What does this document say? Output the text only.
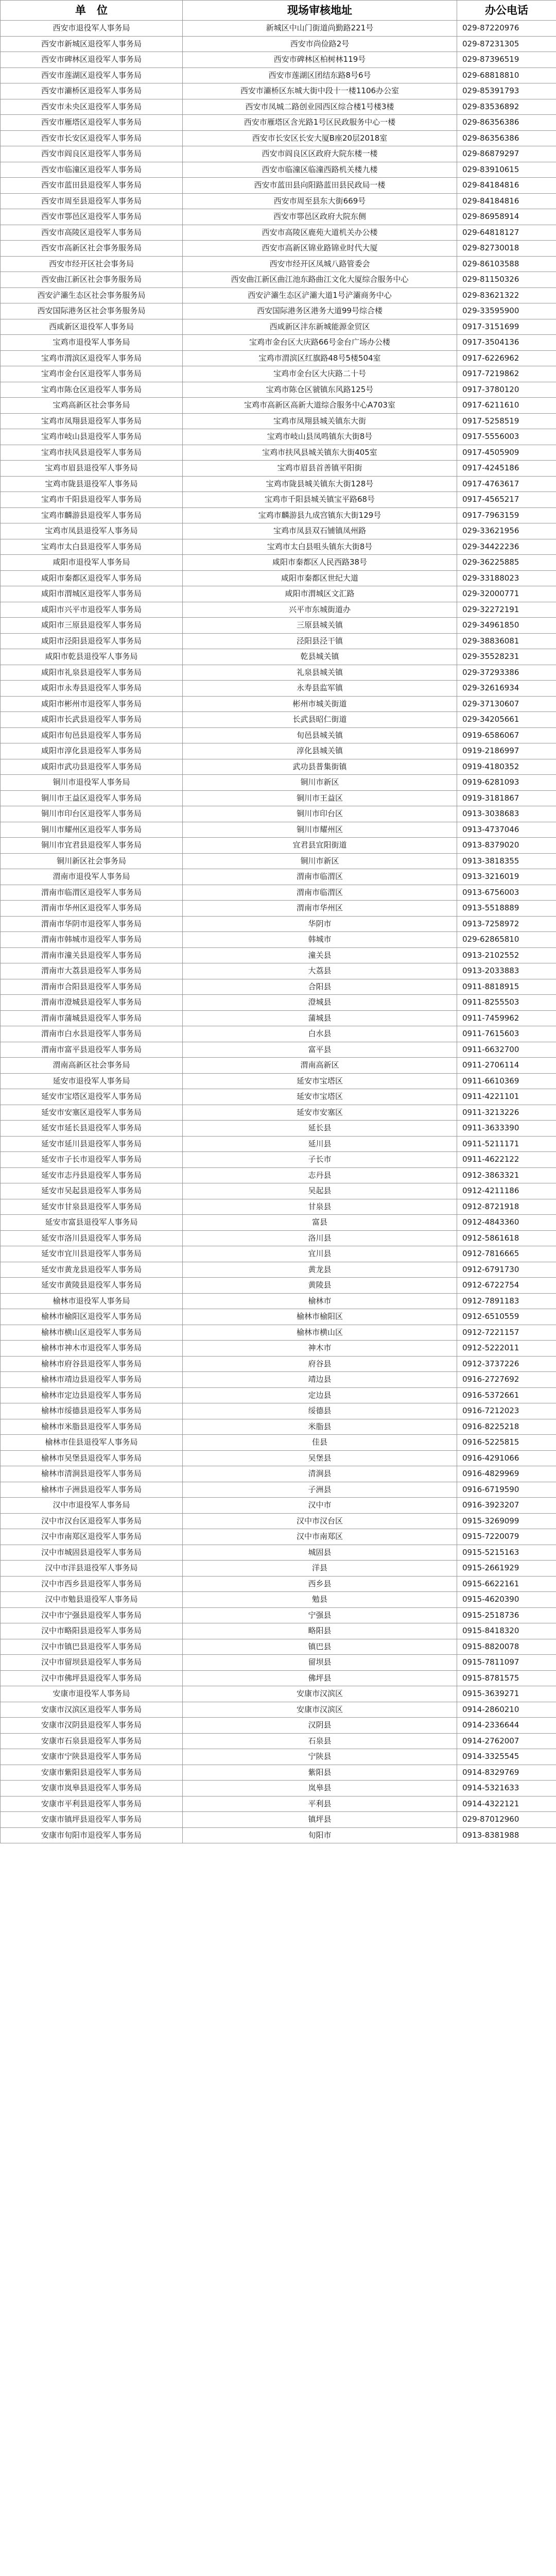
单　位	现场审核地址	办公电话
西安市退役军人事务局	新城区中山门街道尚勤路221号	029-87220976
西安市新城区退役军人事务局	西安市尚俭路2号	029-87231305
西安市碑林区退役军人事务局	西安市碑林区柏树林119号	029-87396519
西安市莲湖区退役军人事务局	西安市莲湖区团结东路8号6号	029-68818810
西安市灞桥区退役军人事务局	西安市灞桥区东城大街中段十一楼1106办公室	029-85391793
西安市未央区退役军人事务局	西安市凤城二路创业园西区综合楼1号楼3楼	029-83536892
西安市雁塔区退役军人事务局	西安市雁塔区含光路1号区民政服务中心一楼	029-86356386
西安市长安区退役军人事务局	西安市长安区长安大厦B座20层2018室	029-86356386
西安市阎良区退役军人事务局	西安市阎良区区政府大院东楼一楼	029-86879297
西安市临潼区退役军人事务局	西安市临潼区临潼西路机关楼九楼	029-83910615
西安市蓝田县退役军人事务局	西安市蓝田县向阳路蓝田县民政局一楼	029-84184816
西安市周至县退役军人事务局	西安市周至县东大街669号	029-84184816
西安市鄠邑区退役军人事务局	西安市鄠邑区政府大院东侧	029-86958914
西安市高陵区退役军人事务局	西安市高陵区鹿苑大道机关办公楼	029-64818127
西安市高新区社会事务服务局	西安市高新区锦业路锦业时代大厦	029-82730018
西安市经开区社会事务局	西安市经开区凤城八路管委会	029-86103588
西安曲江新区社会事务服务局	西安曲江新区曲江池东路曲江文化大厦综合服务中心	029-81150326
西安浐灞生态区社会事务服务局	西安浐灞生态区浐灞大道1号浐灞商务中心	029-83621322
西安国际港务区社会事务服务局	西安国际港务区港务大道99号综合楼	029-33595900
西咸新区退役军人事务局	西咸新区沣东新城能源金贸区	0917-3151699
宝鸡市退役军人事务局	宝鸡市金台区大庆路66号金台广场办公楼	0917-3504136
宝鸡市渭滨区退役军人事务局	宝鸡市渭滨区红旗路48号5楼504室	0917-6226962
宝鸡市金台区退役军人事务局	宝鸡市金台区大庆路二十号	0917-7219862
宝鸡市陈仓区退役军人事务局	宝鸡市陈仓区虢镇东风路125号	0917-3780120
宝鸡高新区社会事务局	宝鸡市高新区高新大道综合服务中心A703室	0917-6211610
宝鸡市凤翔县退役军人事务局	宝鸡市凤翔县城关镇东大街	0917-5258519
宝鸡市岐山县退役军人事务局	宝鸡市岐山县凤鸣镇东大街8号	0917-5556003
宝鸡市扶风县退役军人事务局	宝鸡市扶风县城关镇东大街405室	0917-4505909
宝鸡市眉县退役军人事务局	宝鸡市眉县首善镇平阳街	0917-4245186
宝鸡市陇县退役军人事务局	宝鸡市陇县城关镇东大街128号	0917-4763617
宝鸡市千阳县退役军人事务局	宝鸡市千阳县城关镇宝平路68号	0917-4565217
宝鸡市麟游县退役军人事务局	宝鸡市麟游县九成宫镇东大街129号	0917-7963159
宝鸡市凤县退役军人事务局	宝鸡市凤县双石铺镇凤州路	029-33621956
宝鸡市太白县退役军人事务局	宝鸡市太白县咀头镇东大街8号	029-34422236
咸阳市退役军人事务局	咸阳市秦都区人民西路38号	029-36225885
咸阳市秦都区退役军人事务局	咸阳市秦都区世纪大道	029-33188023
咸阳市渭城区退役军人事务局	咸阳市渭城区文汇路	029-32000771
咸阳市兴平市退役军人事务局	兴平市东城街道办	029-32272191
咸阳市三原县退役军人事务局	三原县城关镇	029-34961850
咸阳市泾阳县退役军人事务局	泾阳县泾干镇	029-38836081
咸阳市乾县退役军人事务局	乾县城关镇	029-35528231
咸阳市礼泉县退役军人事务局	礼泉县城关镇	029-37293386
咸阳市永寿县退役军人事务局	永寿县监军镇	029-32616934
咸阳市彬州市退役军人事务局	彬州市城关街道	029-37130607
咸阳市长武县退役军人事务局	长武县昭仁街道	029-34205661
咸阳市旬邑县退役军人事务局	旬邑县城关镇	0919-6586067
咸阳市淳化县退役军人事务局	淳化县城关镇	0919-2186997
咸阳市武功县退役军人事务局	武功县普集街镇	0919-4180352
铜川市退役军人事务局	铜川市新区	0919-6281093
铜川市王益区退役军人事务局	铜川市王益区	0919-3181867
铜川市印台区退役军人事务局	铜川市印台区	0913-3038683
铜川市耀州区退役军人事务局	铜川市耀州区	0913-4737046
铜川市宜君县退役军人事务局	宜君县宜阳街道	0913-8379020
铜川新区社会事务局	铜川市新区	0913-3818355
渭南市退役军人事务局	渭南市临渭区	0913-3216019
渭南市临渭区退役军人事务局	渭南市临渭区	0913-6756003
渭南市华州区退役军人事务局	渭南市华州区	0913-5518889
渭南市华阴市退役军人事务局	华阴市	0913-7258972
渭南市韩城市退役军人事务局	韩城市	029-62865810
渭南市潼关县退役军人事务局	潼关县	0913-2102552
渭南市大荔县退役军人事务局	大荔县	0913-2033883
渭南市合阳县退役军人事务局	合阳县	0911-8818915
渭南市澄城县退役军人事务局	澄城县	0911-8255503
渭南市蒲城县退役军人事务局	蒲城县	0911-7459962
渭南市白水县退役军人事务局	白水县	0911-7615603
渭南市富平县退役军人事务局	富平县	0911-6632700
渭南高新区社会事务局	渭南高新区	0911-2706114
延安市退役军人事务局	延安市宝塔区	0911-6610369
延安市宝塔区退役军人事务局	延安市宝塔区	0911-4221101
延安市安塞区退役军人事务局	延安市安塞区	0911-3213226
延安市延长县退役军人事务局	延长县	0911-3633390
延安市延川县退役军人事务局	延川县	0911-5211171
延安市子长市退役军人事务局	子长市	0911-4622122
延安市志丹县退役军人事务局	志丹县	0912-3863321
延安市吴起县退役军人事务局	吴起县	0912-4211186
延安市甘泉县退役军人事务局	甘泉县	0912-8721918
延安市富县退役军人事务局	富县	0912-4843360
延安市洛川县退役军人事务局	洛川县	0912-5861618
延安市宜川县退役军人事务局	宜川县	0912-7816665
延安市黄龙县退役军人事务局	黄龙县	0912-6791730
延安市黄陵县退役军人事务局	黄陵县	0912-6722754
榆林市退役军人事务局	榆林市	0912-7891183
榆林市榆阳区退役军人事务局	榆林市榆阳区	0912-6510559
榆林市横山区退役军人事务局	榆林市横山区	0912-7221157
榆林市神木市退役军人事务局	神木市	0912-5222011
榆林市府谷县退役军人事务局	府谷县	0912-3737226
榆林市靖边县退役军人事务局	靖边县	0916-2727692
榆林市定边县退役军人事务局	定边县	0916-5372661
榆林市绥德县退役军人事务局	绥德县	0916-7212023
榆林市米脂县退役军人事务局	米脂县	0916-8225218
榆林市佳县退役军人事务局	佳县	0916-5225815
榆林市吴堡县退役军人事务局	吴堡县	0916-4291066
榆林市清涧县退役军人事务局	清涧县	0916-4829969
榆林市子洲县退役军人事务局	子洲县	0916-6719590
汉中市退役军人事务局	汉中市	0916-3923207
汉中市汉台区退役军人事务局	汉中市汉台区	0915-3269099
汉中市南郑区退役军人事务局	汉中市南郑区	0915-7220079
汉中市城固县退役军人事务局	城固县	0915-5215163
汉中市洋县退役军人事务局	洋县	0915-2661929
汉中市西乡县退役军人事务局	西乡县	0915-6622161
汉中市勉县退役军人事务局	勉县	0915-4620390
汉中市宁强县退役军人事务局	宁强县	0915-2518736
汉中市略阳县退役军人事务局	略阳县	0915-8418320
汉中市镇巴县退役军人事务局	镇巴县	0915-8820078
汉中市留坝县退役军人事务局	留坝县	0915-7811097
汉中市佛坪县退役军人事务局	佛坪县	0915-8781575
安康市退役军人事务局	安康市汉滨区	0915-3639271
安康市汉滨区退役军人事务局	安康市汉滨区	0914-2860210
安康市汉阴县退役军人事务局	汉阴县	0914-2336644
安康市石泉县退役军人事务局	石泉县	0914-2762007
安康市宁陕县退役军人事务局	宁陕县	0914-3325545
安康市紫阳县退役军人事务局	紫阳县	0914-8329769
安康市岚皋县退役军人事务局	岚皋县	0914-5321633
安康市平利县退役军人事务局	平利县	0914-4322121
安康市镇坪县退役军人事务局	镇坪县	029-87012960
安康市旬阳市退役军人事务局	旬阳市	0913-8381988
